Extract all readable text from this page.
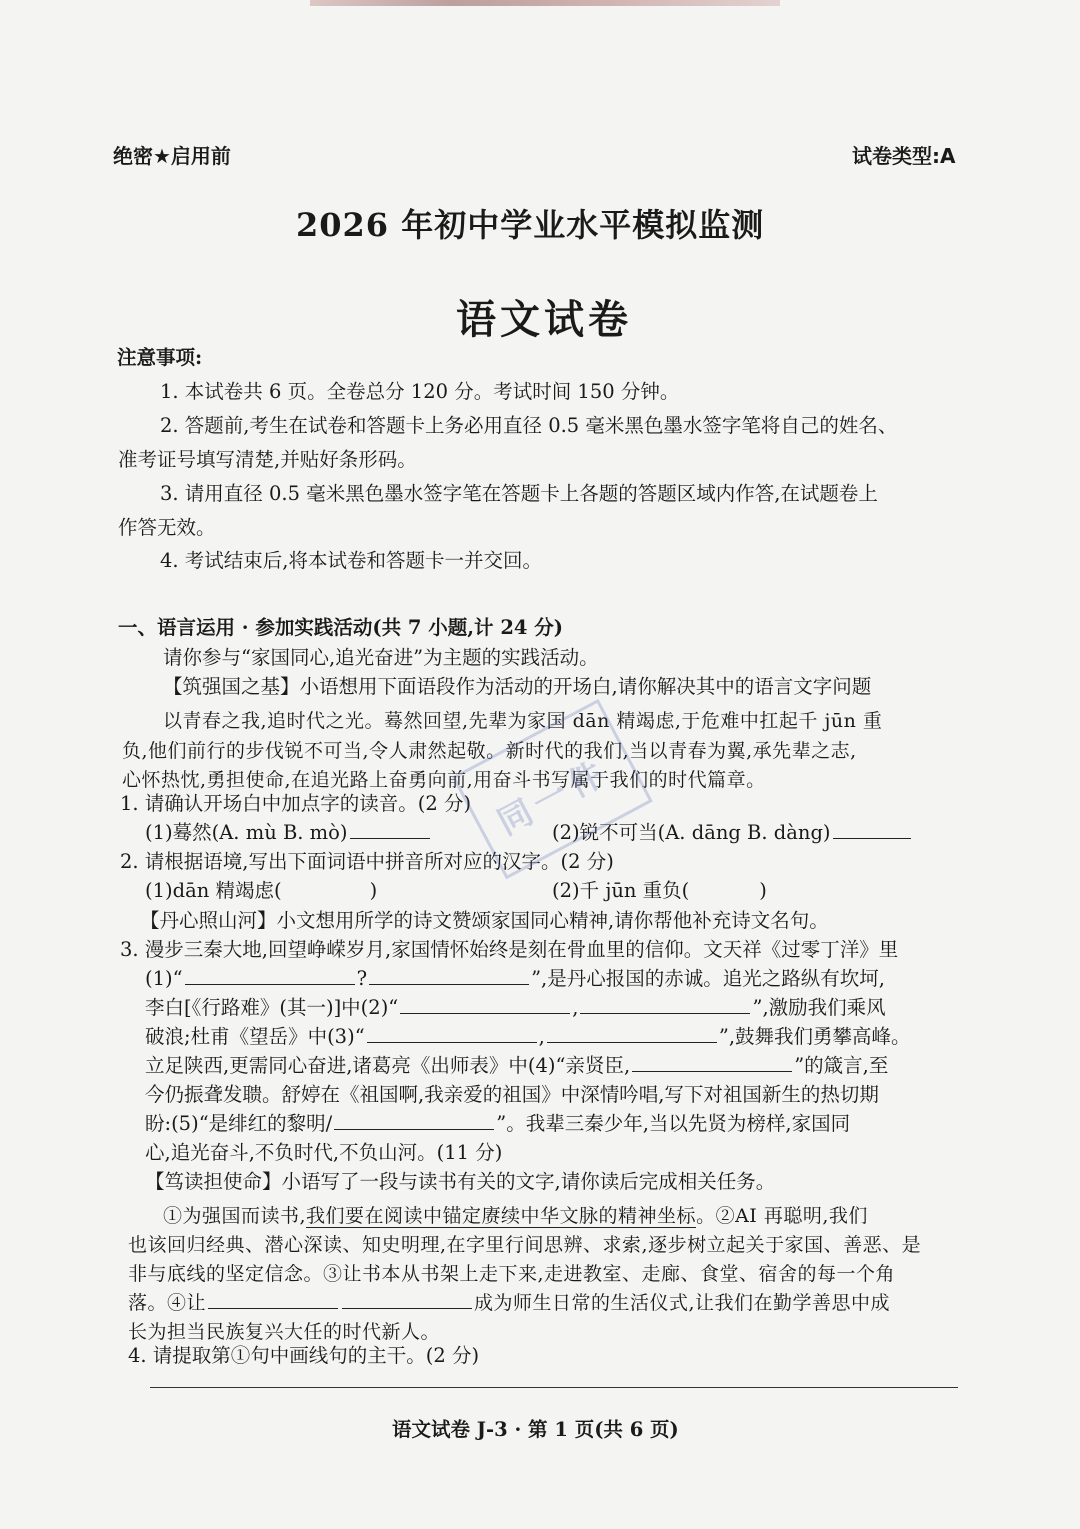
绝密★启用前	试卷类型:A
2026 年初中学业水平模拟监测
语文试卷
注意事项:
1. 本试卷共 6 页。全卷总分 120 分。考试时间 150 分钟。
2. 答题前,考生在试卷和答题卡上务必用直径 0.5 毫米黑色墨水签字笔将自己的姓名、
准考证号填写清楚,并贴好条形码。
3. 请用直径 0.5 毫米黑色墨水签字笔在答题卡上各题的答题区域内作答,在试题卷上
作答无效。
4. 考试结束后,将本试卷和答题卡一并交回。
一、语言运用 · 参加实践活动(共 7 小题,计 24 分)
请你参与“家国同心,追光奋进”为主题的实践活动。
【筑强国之基】小语想用下面语段作为活动的开场白,请你解决其中的语言文字问题
以青春之我,追时代之光。蓦然回望,先辈为家国 dān 精竭虑,于危难中扛起千 jūn 重
负,他们前行的步伐锐不可当,令人肃然起敬。新时代的我们,当以青春为翼,承先辈之志,
心怀热忱,勇担使命,在追光路上奋勇向前,用奋斗书写属于我们的时代篇章。
1. 请确认开场白中加点字的读音。(2 分)
(1)蓦然(A. mù B. mò)	(2)锐不可当(A. dāng B. dàng)
2. 请根据语境,写出下面词语中拼音所对应的汉字。(2 分)
(1)dān 精竭虑(	)	(2)千 jūn 重负(	)
【丹心照山河】小文想用所学的诗文赞颂家国同心精神,请你帮他补充诗文名句。
3. 漫步三秦大地,回望峥嵘岁月,家国情怀始终是刻在骨血里的信仰。文天祥《过零丁洋》里
(1)“	?	”,是丹心报国的赤诚。追光之路纵有坎坷,
李白[《行路难》(其一)]中(2)“	,	”,激励我们乘风
破浪;杜甫《望岳》中(3)“	,	”,鼓舞我们勇攀高峰。
立足陕西,更需同心奋进,诸葛亮《出师表》中(4)“亲贤臣,	”的箴言,至
今仍振聋发聩。舒婷在《祖国啊,我亲爱的祖国》中深情吟唱,写下对祖国新生的热切期
盼:(5)“是绯红的黎明/	”。我辈三秦少年,当以先贤为榜样,家国同
心,追光奋斗,不负时代,不负山河。(11 分)
【笃读担使命】小语写了一段与读书有关的文字,请你读后完成相关任务。
①为强国而读书,我们要在阅读中锚定赓续中华文脉的精神坐标。②AI 再聪明,我们
也该回归经典、潜心深读、知史明理,在字里行间思辨、求索,逐步树立起关于家国、善恶、是
非与底线的坚定信念。③让书本从书架上走下来,走进教室、走廊、食堂、宿舍的每一个角
落。④让	成为师生日常的生活仪式,让我们在勤学善思中成
长为担当民族复兴大任的时代新人。
4. 请提取第①句中画线句的主干。(2 分)
同一件
语文试卷 J-3 · 第 1 页(共 6 页)
